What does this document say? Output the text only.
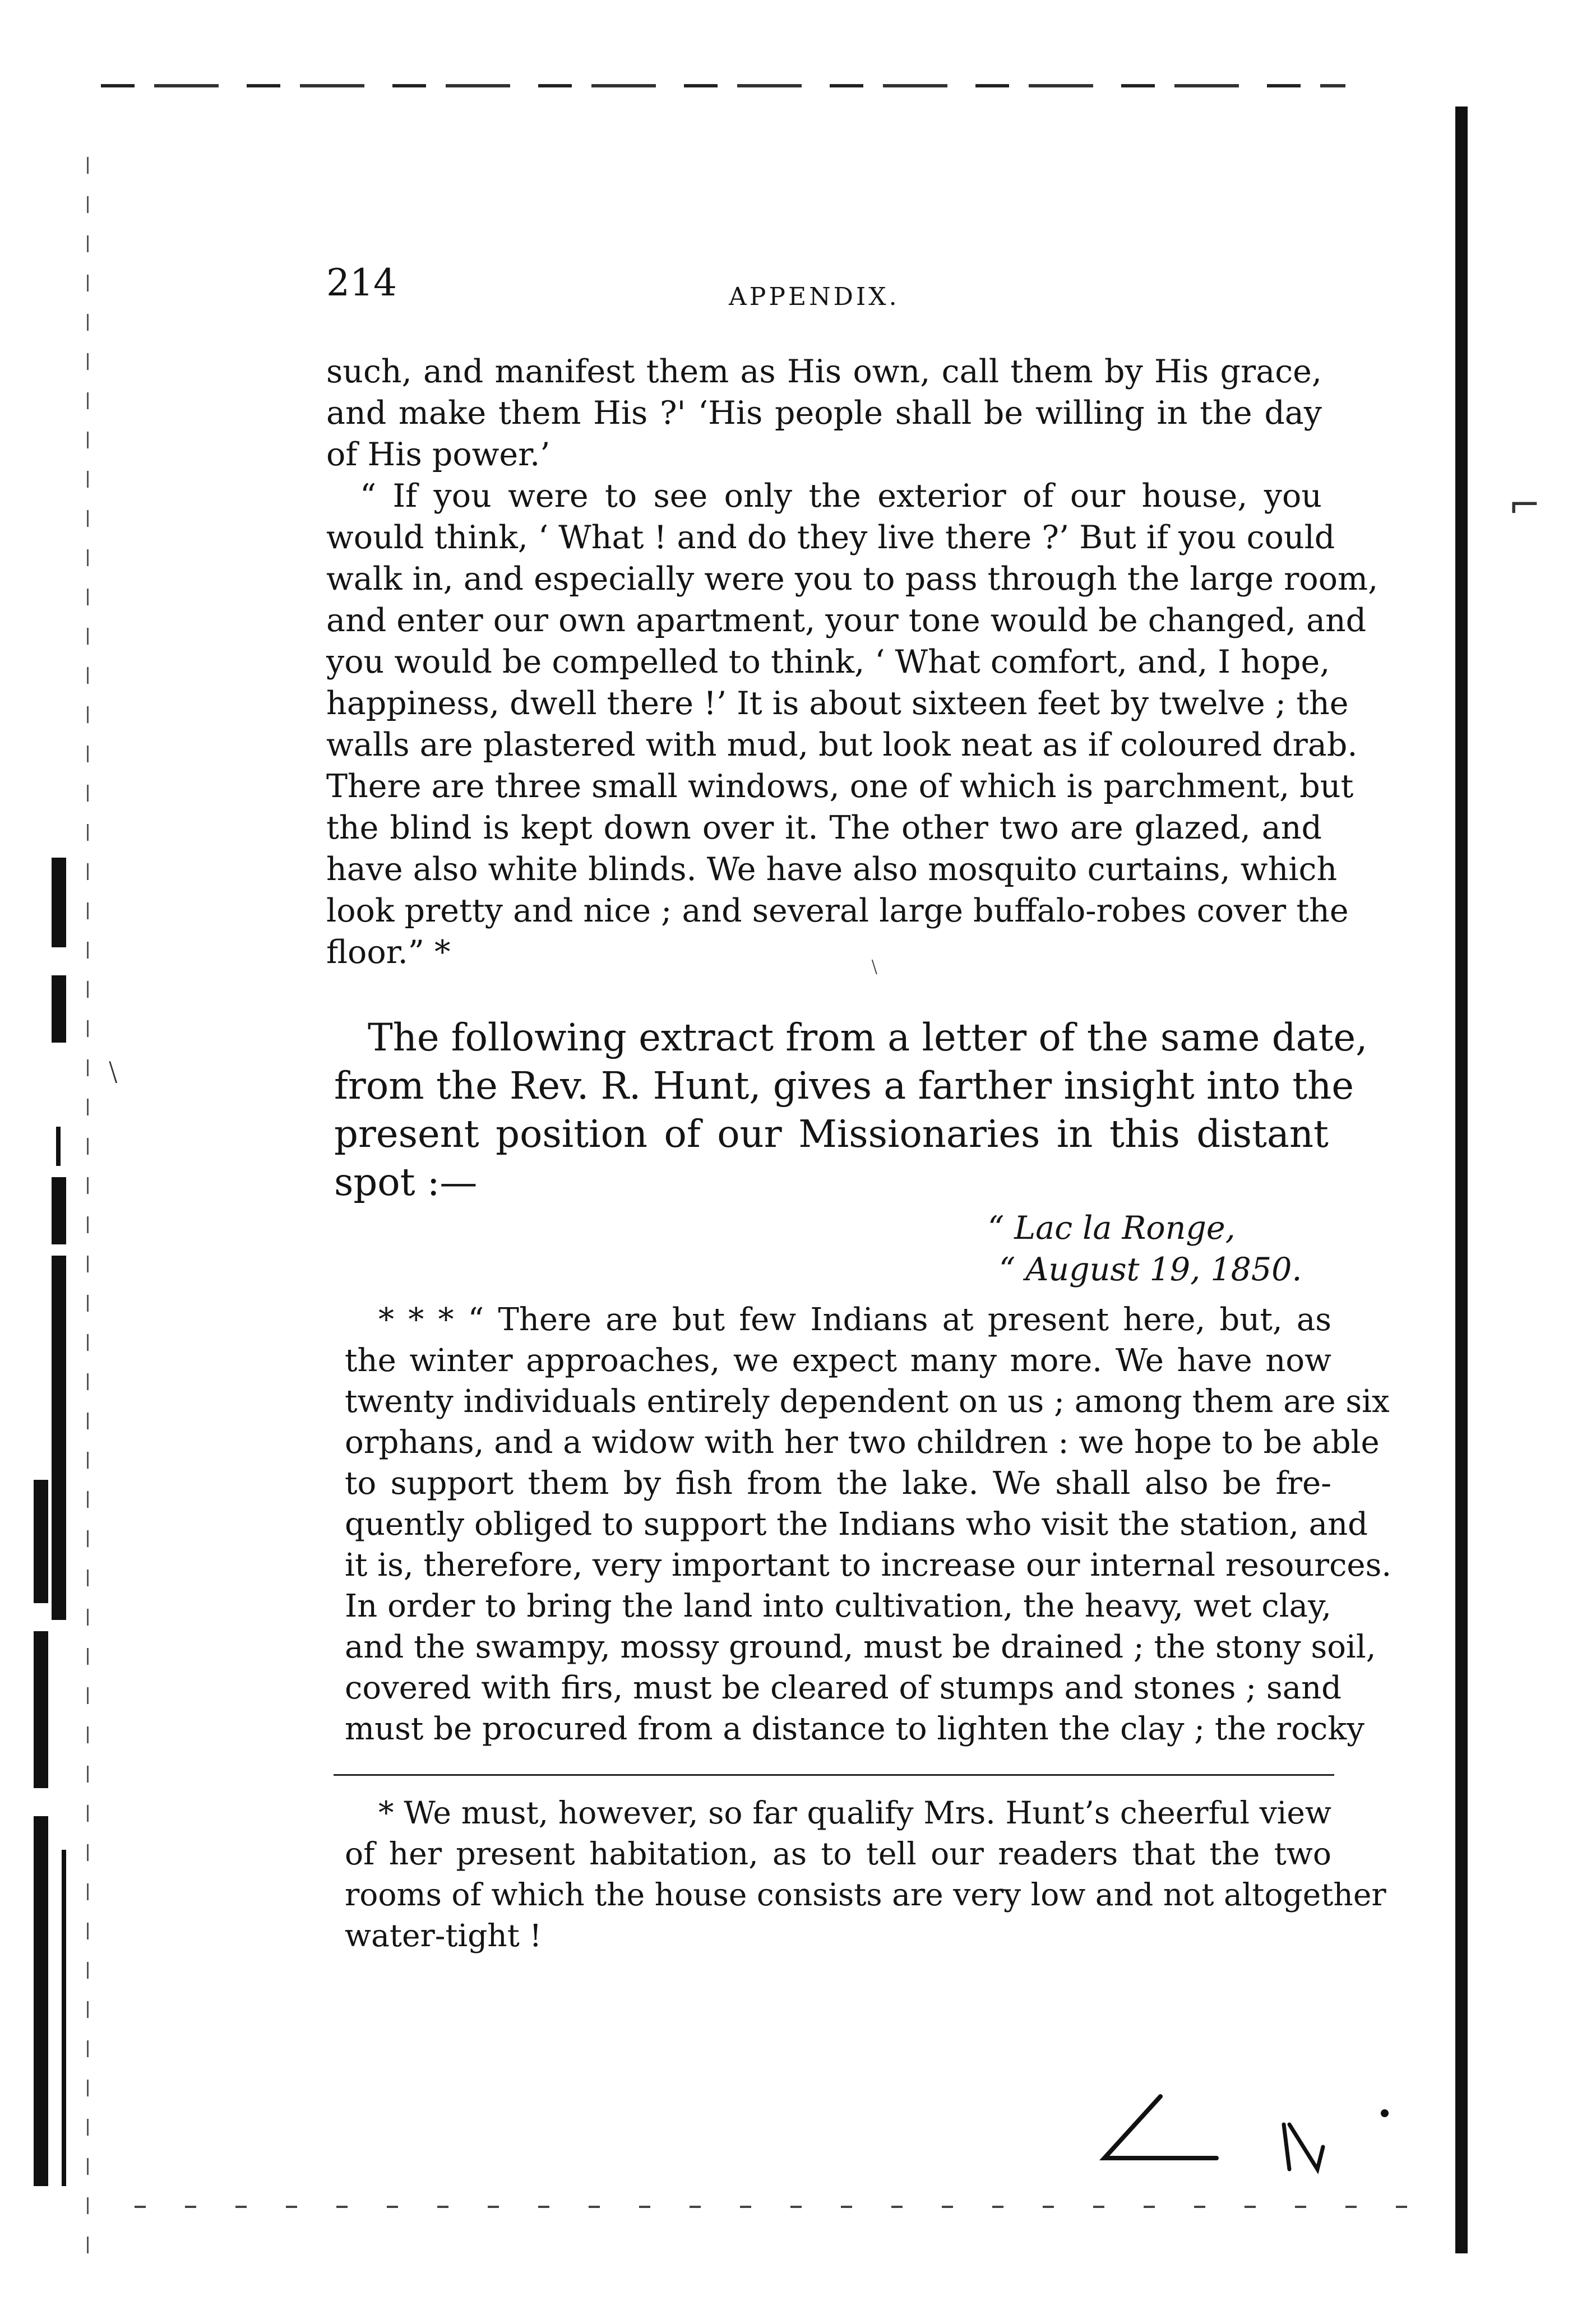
⌐
﹨
﹨
214	APPENDIX.
such, and manifest them as His own, call them by His grace,
and make them His ?' ‘His people shall be willing in the day
of His power.’
“ If you were to see only the exterior of our house, you
would think, ‘ What ! and do they live there ?’ But if you could
walk in, and especially were you to pass through the large room,
and enter our own apartment, your tone would be changed, and
you would be compelled to think, ‘ What comfort, and, I hope,
happiness, dwell there !’ It is about sixteen feet by twelve ; the
walls are plastered with mud, but look neat as if coloured drab.
There are three small windows, one of which is parchment, but
the blind is kept down over it. The other two are glazed, and
have also white blinds. We have also mosquito curtains, which
look pretty and nice ; and several large buffalo-robes cover the
floor.” *
The following extract from a letter of the same date,
from the Rev. R. Hunt, gives a farther insight into the
present position of our Missionaries in this distant
spot :—
“ Lac la Ronge,
“ August 19, 1850.
* * * “ There are but few Indians at present here, but, as
the winter approaches, we expect many more. We have now
twenty individuals entirely dependent on us ; among them are six
orphans, and a widow with her two children : we hope to be able
to support them by fish from the lake. We shall also be fre-
quently obliged to support the Indians who visit the station, and
it is, therefore, very important to increase our internal resources.
In order to bring the land into cultivation, the heavy, wet clay,
and the swampy, mossy ground, must be drained ; the stony soil,
covered with firs, must be cleared of stumps and stones ; sand
must be procured from a distance to lighten the clay ; the rocky
* We must, however, so far qualify Mrs. Hunt’s cheerful view
of her present habitation, as to tell our readers that the two
rooms of which the house consists are very low and not altogether
water-tight !
